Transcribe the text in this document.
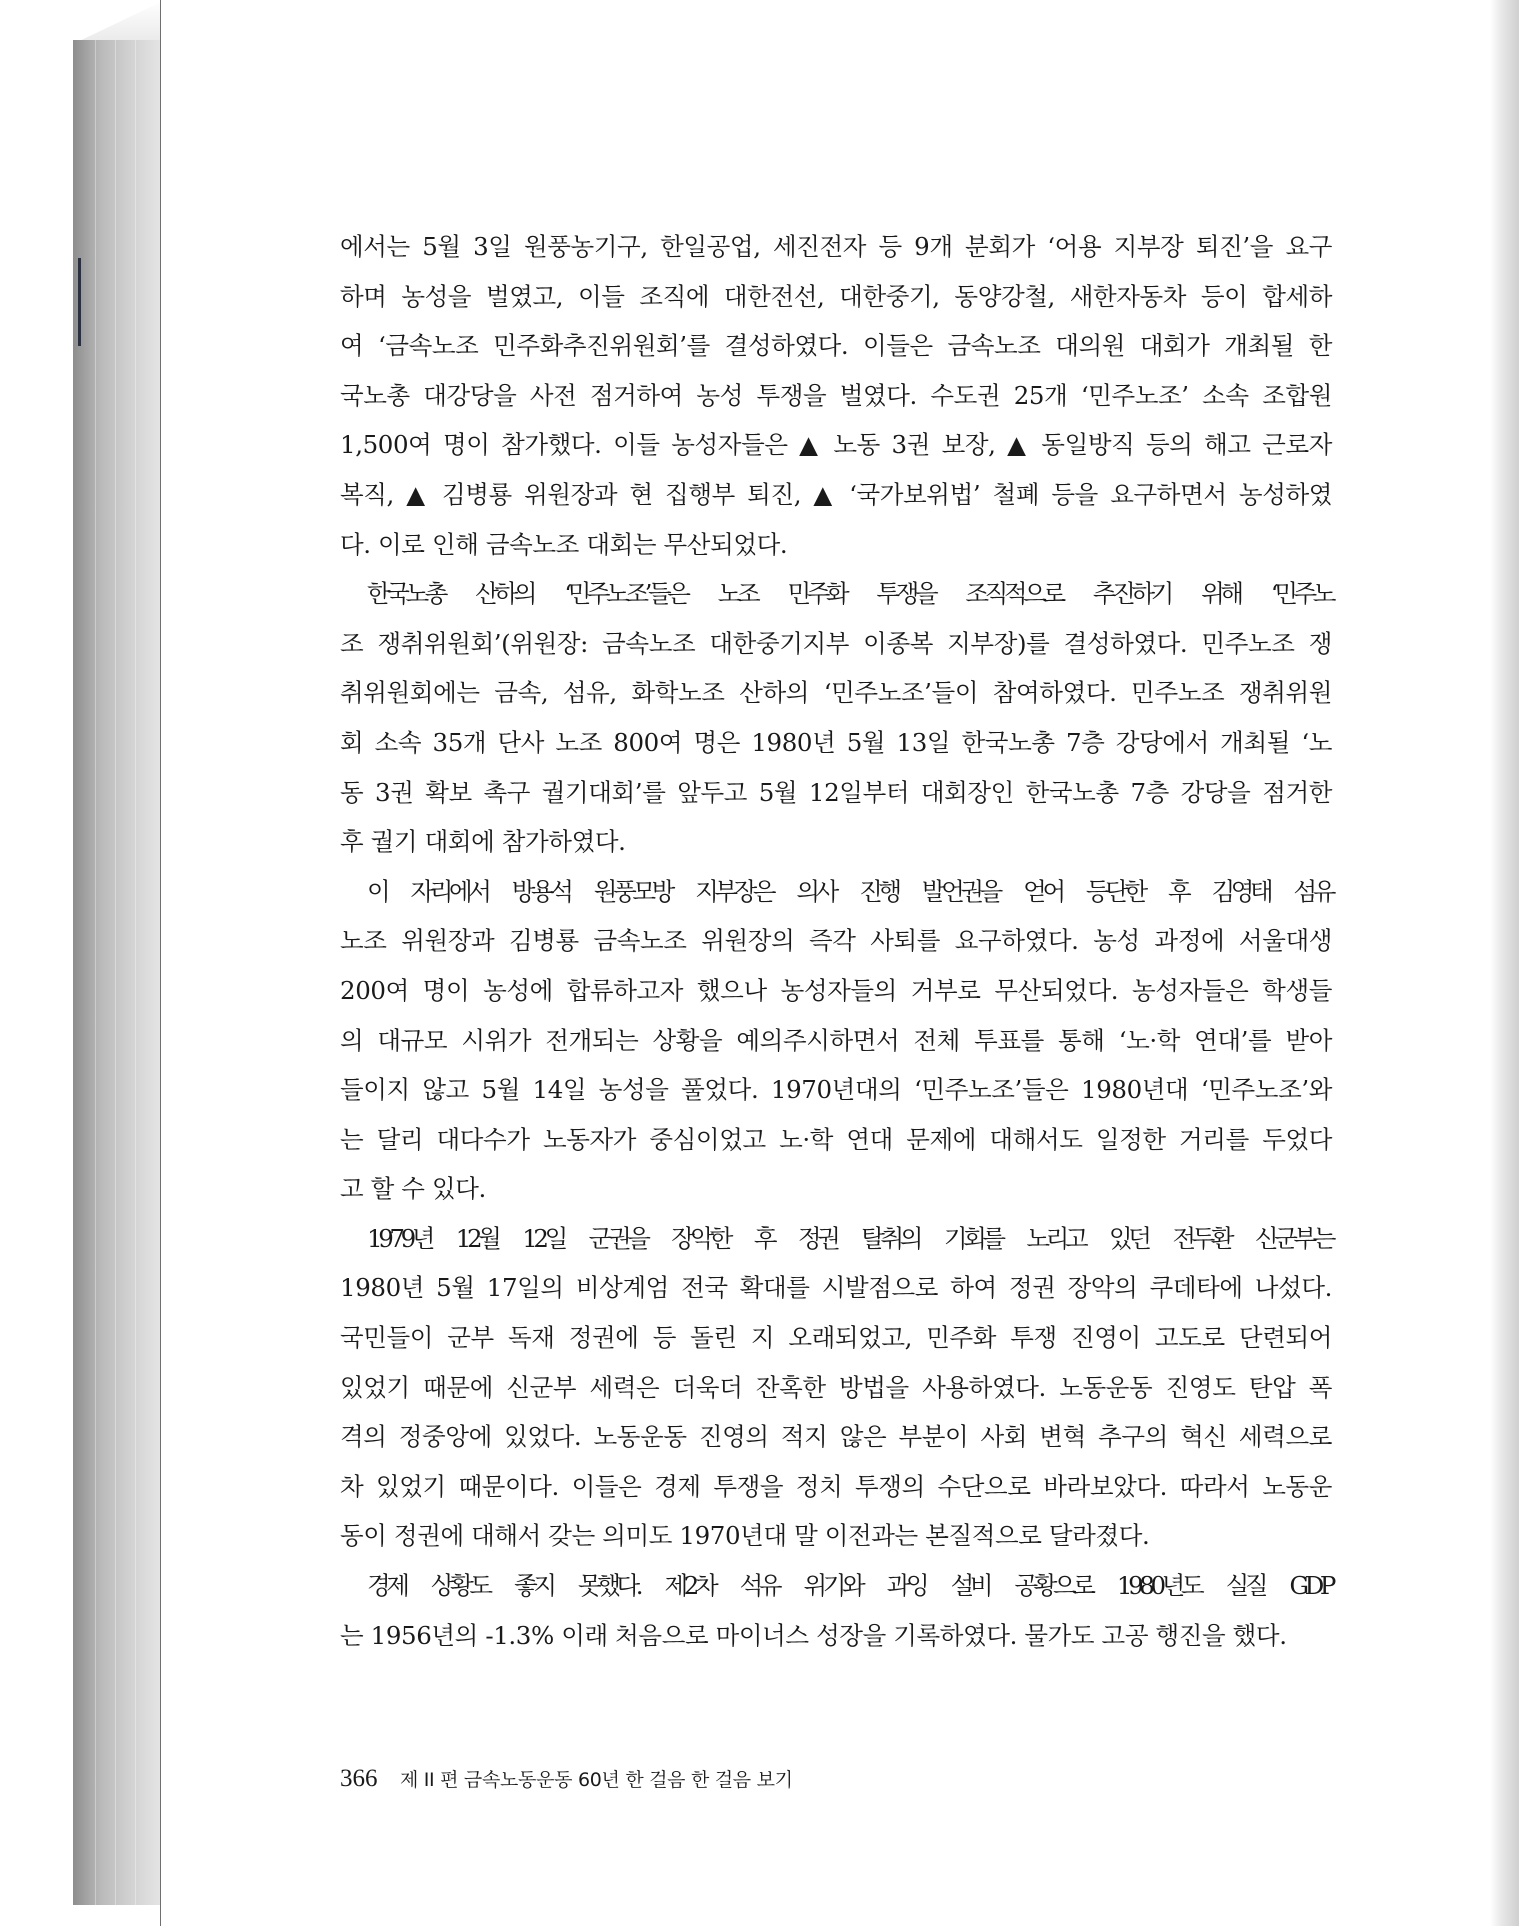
에서는 5월 3일 원풍농기구, 한일공업, 세진전자 등 9개 분회가 ‘어용 지부장 퇴진’을 요구
하며 농성을 벌였고, 이들 조직에 대한전선, 대한중기, 동양강철, 새한자동차 등이 합세하
여 ‘금속노조 민주화추진위원회’를 결성하였다. 이들은 금속노조 대의원 대회가 개최될 한
국노총 대강당을 사전 점거하여 농성 투쟁을 벌였다. 수도권 25개 ‘민주노조’ 소속 조합원
1,500여 명이 참가했다. 이들 농성자들은 ▲ 노동 3권 보장, ▲ 동일방직 등의 해고 근로자
복직, ▲ 김병룡 위원장과 현 집행부 퇴진, ▲ ‘국가보위법’ 철폐 등을 요구하면서 농성하였
다. 이로 인해 금속노조 대회는 무산되었다.
한국노총 산하의 ‘민주노조’들은 노조 민주화 투쟁을 조직적으로 추진하기 위해 ‘민주노
조 쟁취위원회’(위원장: 금속노조 대한중기지부 이종복 지부장)를 결성하였다. 민주노조 쟁
취위원회에는 금속, 섬유, 화학노조 산하의 ‘민주노조’들이 참여하였다. 민주노조 쟁취위원
회 소속 35개 단사 노조 800여 명은 1980년 5월 13일 한국노총 7층 강당에서 개최될 ‘노
동 3권 확보 촉구 궐기대회’를 앞두고 5월 12일부터 대회장인 한국노총 7층 강당을 점거한
후 궐기 대회에 참가하였다.
이 자리에서 방용석 원풍모방 지부장은 의사 진행 발언권을 얻어 등단한 후 김영태 섬유
노조 위원장과 김병룡 금속노조 위원장의 즉각 사퇴를 요구하였다. 농성 과정에 서울대생
200여 명이 농성에 합류하고자 했으나 농성자들의 거부로 무산되었다. 농성자들은 학생들
의 대규모 시위가 전개되는 상황을 예의주시하면서 전체 투표를 통해 ‘노·학 연대’를 받아
들이지 않고 5월 14일 농성을 풀었다. 1970년대의 ‘민주노조’들은 1980년대 ‘민주노조’와
는 달리 대다수가 노동자가 중심이었고 노·학 연대 문제에 대해서도 일정한 거리를 두었다
고 할 수 있다.
1979년 12월 12일 군권을 장악한 후 정권 탈취의 기회를 노리고 있던 전두환 신군부는
1980년 5월 17일의 비상계엄 전국 확대를 시발점으로 하여 정권 장악의 쿠데타에 나섰다.
국민들이 군부 독재 정권에 등 돌린 지 오래되었고, 민주화 투쟁 진영이 고도로 단련되어
있었기 때문에 신군부 세력은 더욱더 잔혹한 방법을 사용하였다. 노동운동 진영도 탄압 폭
격의 정중앙에 있었다. 노동운동 진영의 적지 않은 부분이 사회 변혁 추구의 혁신 세력으로
차 있었기 때문이다. 이들은 경제 투쟁을 정치 투쟁의 수단으로 바라보았다. 따라서 노동운
동이 정권에 대해서 갖는 의미도 1970년대 말 이전과는 본질적으로 달라졌다.
경제 상황도 좋지 못했다. 제2차 석유 위기와 과잉 설비 공황으로 1980년도 실질 GDP
는 1956년의 -1.3% 이래 처음으로 마이너스 성장을 기록하였다. 물가도 고공 행진을 했다.
366 제 II 편 금속노동운동 60년 한 걸음 한 걸음 보기
